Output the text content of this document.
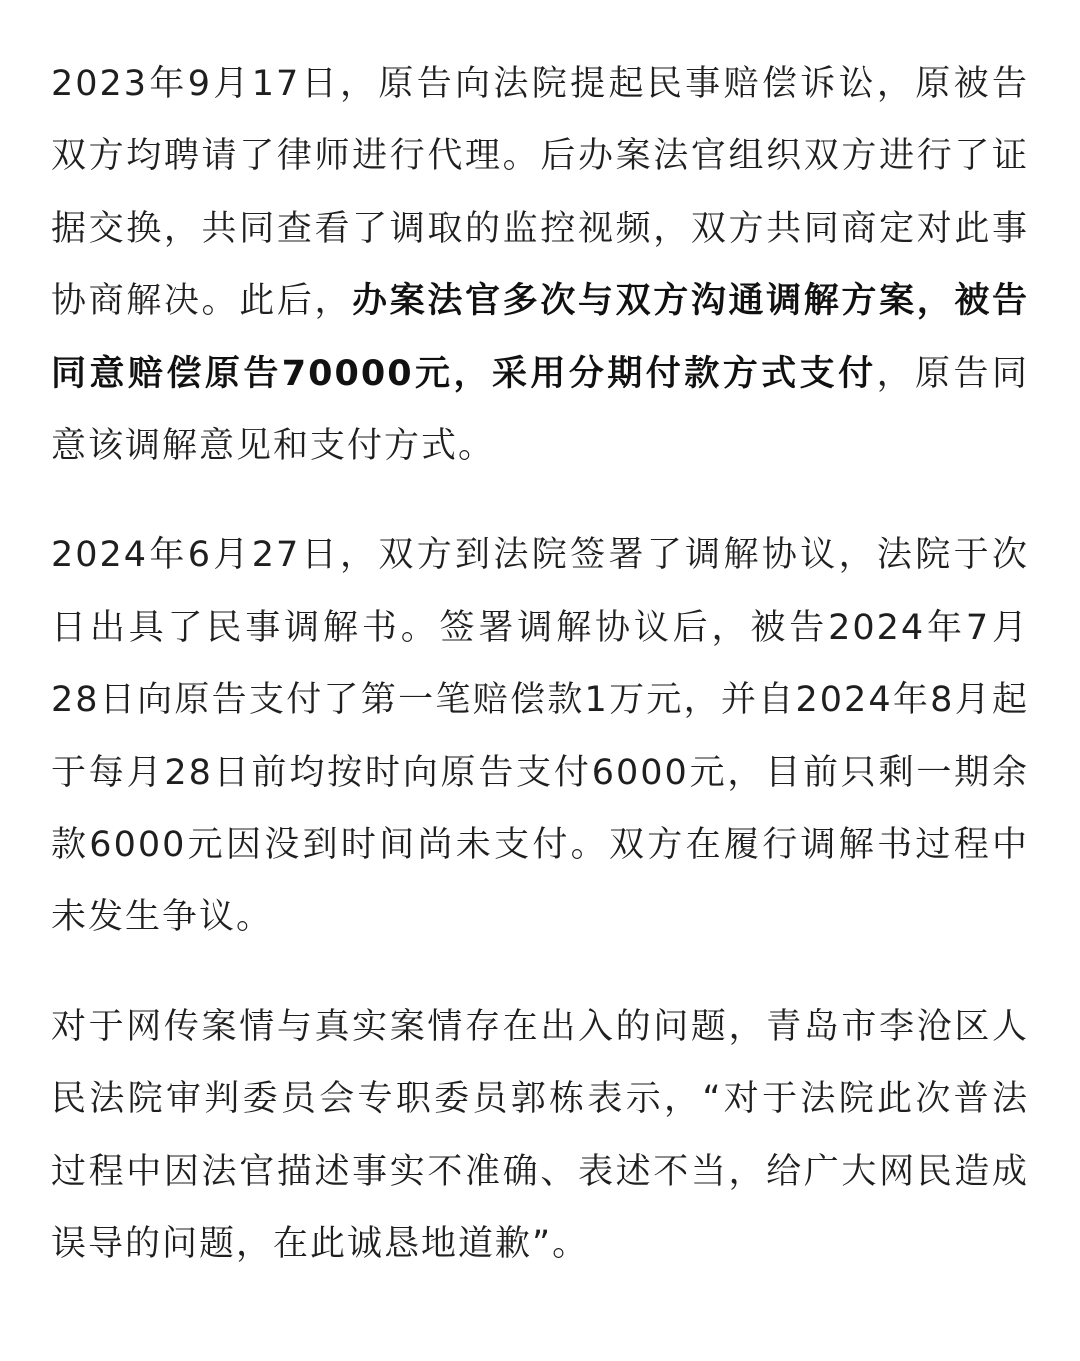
2023年9月17日，原告向法院提起民事赔偿诉讼，原被告双方均聘请了律师进行代理。后办案法官组织双方进行了证据交换，共同查看了调取的监控视频，双方共同商定对此事协商解决。此后，办案法官多次与双方沟通调解方案，被告同意赔偿原告70000元，采用分期付款方式支付，原告同意该调解意见和支付方式。

2024年6月27日，双方到法院签署了调解协议，法院于次日出具了民事调解书。签署调解协议后，被告2024年7月28日向原告支付了第一笔赔偿款1万元，并自2024年8月起于每月28日前均按时向原告支付6000元，目前只剩一期余款6000元因没到时间尚未支付。双方在履行调解书过程中未发生争议。

对于网传案情与真实案情存在出入的问题，青岛市李沧区人民法院审判委员会专职委员郭栋表示，“对于法院此次普法过程中因法官描述事实不准确、表述不当，给广大网民造成误导的问题，在此诚恳地道歉”。
